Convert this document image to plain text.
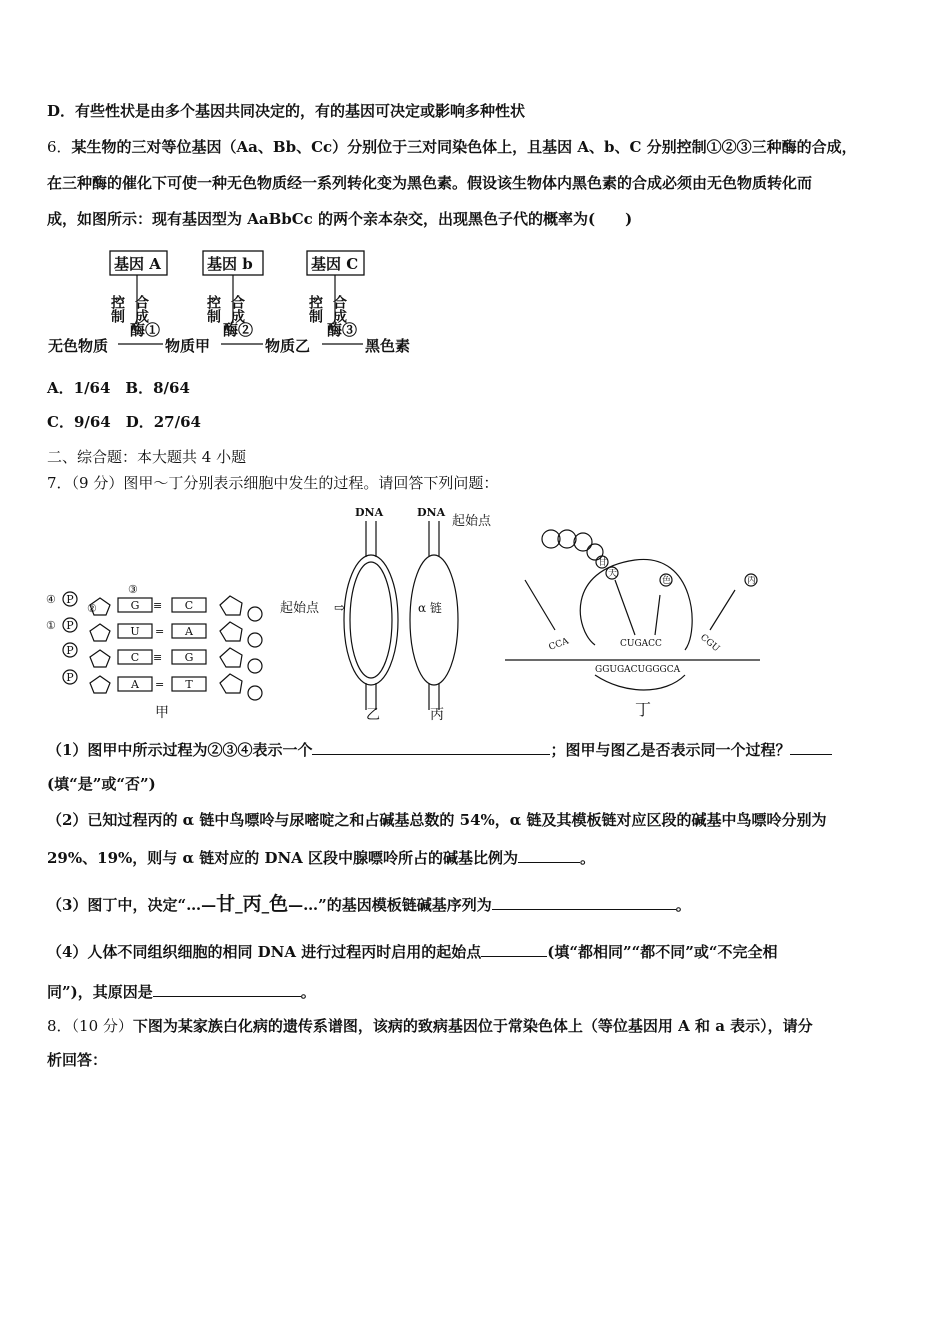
D．有些性状是由多个基因共同决定的，有的基因可决定或影响多种性状
6．某生物的三对等位基因（Aa、Bb、Cc）分别位于三对同染色体上，且基因 A、b、C 分别控制①②③三种酶的合成，
在三种酶的催化下可使一种无色物质经一系列转化变为黑色素。假设该生物体内黑色素的合成必须由无色物质转化而
成，如图所示：现有基因型为 AaBbCc 的两个亲本杂交，出现黑色子代的概率为(　　)
基因 A	基因 b	基因 C
控制 合成	控制 合成	控制 合成
酶①	酶②	酶③
无色物质	物质甲	物质乙	黑色素
A．1/64　B．8/64
C．9/64　D．27/64
二、综合题：本大题共 4 小题
7．（9 分）图甲～丁分别表示细胞中发生的过程。请回答下列问题：
④
②
③
①
≡
=
≡
=
P
P
P
P
G
U
C
A
C
A
G
T
甲
DNA
起始点 ⇨
乙
DNA
起始点
α 链
丙
甘
天
色	丙
CCA	CUGACC	CGU
GGUGACUGGGCA
丁
（1）图甲中所示过程为②③④表示一个	；图甲与图乙是否表示同一个过程？
(填“是”或“否”)
（2）已知过程丙的 α 链中鸟嘌呤与尿嘧啶之和占碱基总数的 54%，α 链及其模板链对应区段的碱基中鸟嘌呤分别为
29%、19%，则与 α 链对应的 DNA 区段中腺嘌呤所占的碱基比例为	。
（3）图丁中，决定“…—甘_丙_色—…”的基因模板链碱基序列为	。
（4）人体不同组织细胞的相同 DNA 进行过程丙时启用的起始点	(填“都相同”“都不同”或“不完全相
同”)，其原因是	。
8．（10 分）下图为某家族白化病的遗传系谱图，该病的致病基因位于常染色体上（等位基因用 A 和 a 表示），请分
析回答：
